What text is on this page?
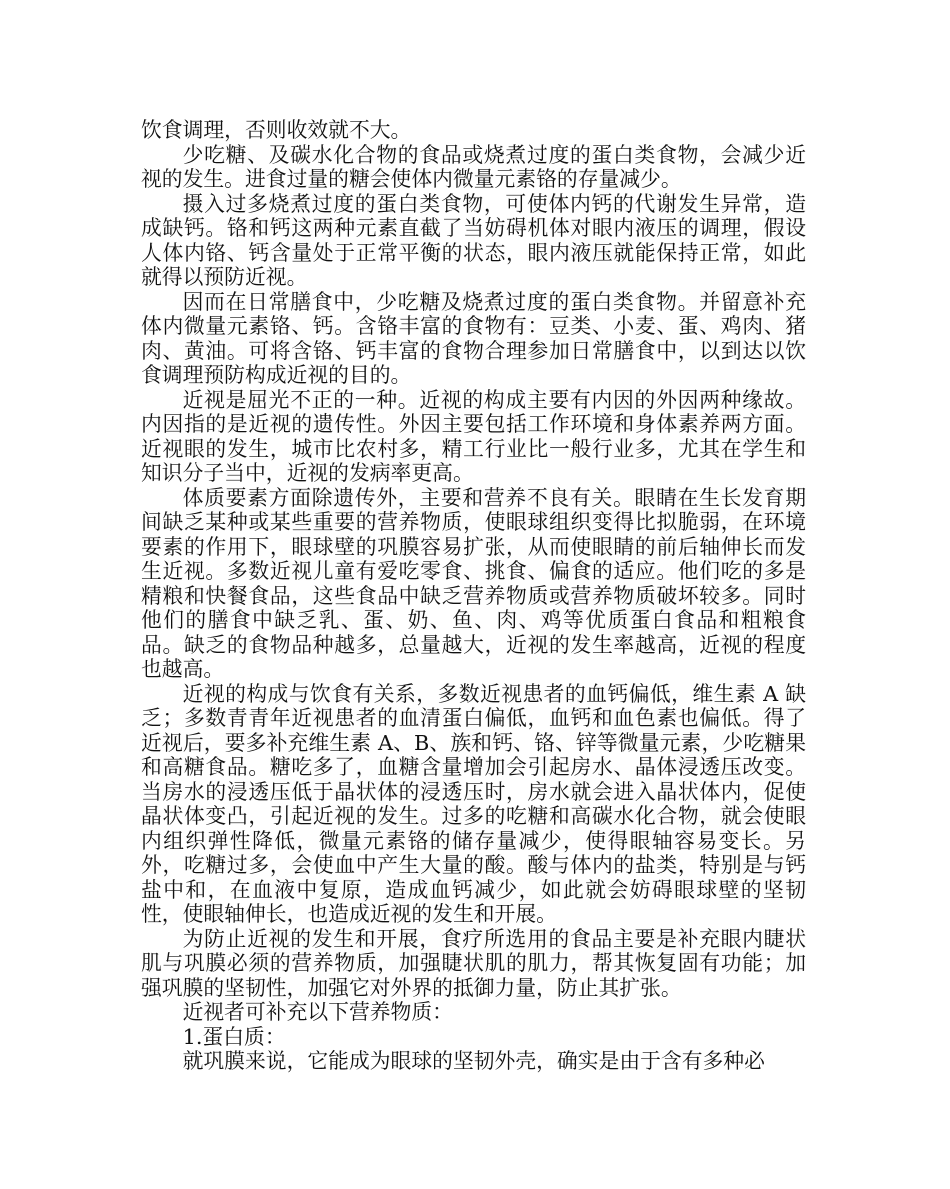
饮食调理，否则收效就不大。

少吃糖、及碳水化合物的食品或烧煮过度的蛋白类食物，会减少近视的发生。进食过量的糖会使体内微量元素铬的存量减少。

摄入过多烧煮过度的蛋白类食物，可使体内钙的代谢发生异常，造成缺钙。铬和钙这两种元素直截了当妨碍机体对眼内液压的调理，假设人体内铬、钙含量处于正常平衡的状态，眼内液压就能保持正常，如此就得以预防近视。

因而在日常膳食中，少吃糖及烧煮过度的蛋白类食物。并留意补充体内微量元素铬、钙。含铬丰富的食物有：豆类、小麦、蛋、鸡肉、猪肉、黄油。可将含铬、钙丰富的食物合理参加日常膳食中，以到达以饮食调理预防构成近视的目的。

近视是屈光不正的一种。近视的构成主要有内因的外因两种缘故。内因指的是近视的遗传性。外因主要包括工作环境和身体素养两方面。近视眼的发生，城市比农村多，精工行业比一般行业多，尤其在学生和知识分子当中，近视的发病率更高。

体质要素方面除遗传外，主要和营养不良有关。眼睛在生长发育期间缺乏某种或某些重要的营养物质，使眼球组织变得比拟脆弱，在环境要素的作用下，眼球壁的巩膜容易扩张，从而使眼睛的前后轴伸长而发生近视。多数近视儿童有爱吃零食、挑食、偏食的适应。他们吃的多是精粮和快餐食品，这些食品中缺乏营养物质或营养物质破坏较多。同时他们的膳食中缺乏乳、蛋、奶、鱼、肉、鸡等优质蛋白食品和粗粮食品。缺乏的食物品种越多，总量越大，近视的发生率越高，近视的程度也越高。

近视的构成与饮食有关系，多数近视患者的血钙偏低，维生素 A 缺乏；多数青青年近视患者的血清蛋白偏低，血钙和血色素也偏低。得了近视后，要多补充维生素 A、B、族和钙、铬、锌等微量元素，少吃糖果和高糖食品。糖吃多了，血糖含量增加会引起房水、晶体浸透压改变。当房水的浸透压低于晶状体的浸透压时，房水就会进入晶状体内，促使晶状体变凸，引起近视的发生。过多的吃糖和高碳水化合物，就会使眼内组织弹性降低，微量元素铬的储存量减少，使得眼轴容易变长。另外，吃糖过多，会使血中产生大量的酸。酸与体内的盐类，特别是与钙盐中和，在血液中复原，造成血钙减少，如此就会妨碍眼球壁的坚韧性，使眼轴伸长，也造成近视的发生和开展。

为防止近视的发生和开展，食疗所选用的食品主要是补充眼内睫状肌与巩膜必须的营养物质，加强睫状肌的肌力，帮其恢复固有功能；加强巩膜的坚韧性，加强它对外界的抵御力量，防止其扩张。

近视者可补充以下营养物质：

1.蛋白质：

就巩膜来说，它能成为眼球的坚韧外壳，确实是由于含有多种必
